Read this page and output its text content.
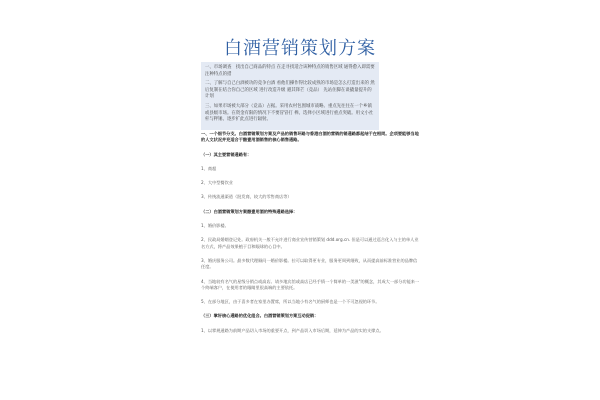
白酒营销策划方案

一、市场调查　找出自己商品的特点 在走寻找适合该种特点的销售区域 通得愈入即需要注种特点的措

二、了解与自己白酒被功的竞争白酒 看他们操作得比较成熟的市场是怎么打造出来的 然后复制在结合你自己的区域 进行改造升级 避其锋芒（竞品） 先站住脚在谈撬量提升的计划

三、如果市场被大部分（竞品）占据。采用农村包围城市战略。重点先往往在一个乡镇或县级市场。在资金有限的情况下不要冒冒打 棒。选择小区域进行重点突破。用文小社杆与秤锤。逐步扩此点进行辐射。

一、一个细节分支。白酒营销策划方案及产品的销售环路与香港白酒的营销的销通路都起结于在相同。企项要能够当地的人文状况并充适合于酿壹用酒销售的核心销售通路。

（一）其主要营销通路有：

1、商超

2、大中型餐饮业

3、传统流通渠道（批发商，较大的零售商店等）

（二）白酒营销策划方案酿壹用酒的特殊通路选择：

1、婚价影楼。

2、民政局婚姻登记处。政府机关一般不允许进行商业宣传营销策划 ddd.org.cn. 但是可以通过巡合化入与主的单人业名方式，将产品效果植于目和眼球的心目中。

3、婚庆服务公司。最多数代理顾问一婚价影楼。拉可以取得更专业，服务更周到细致，从而提高前标准营业的品牌信任度。

4、当地较有名气的星级分销点或高店。请多地宾馆或高店已经手情一个简单的一美滋"的概念，其成大一部分功能来一个终端客户，在使用者的眼睛里很高端的主要依托。

5、在部分地区，由于喜多者在家里办置席，所以当地小有名气的厨师也是一个不可忽视的环节。

（三）掌好核心通路的优化组合。白酒营销策划方案互动促销：

1、以掌规通路为前期产品切入市场的重要开点，到产品切入市场后期，延伸为产品的实的支撑点。
